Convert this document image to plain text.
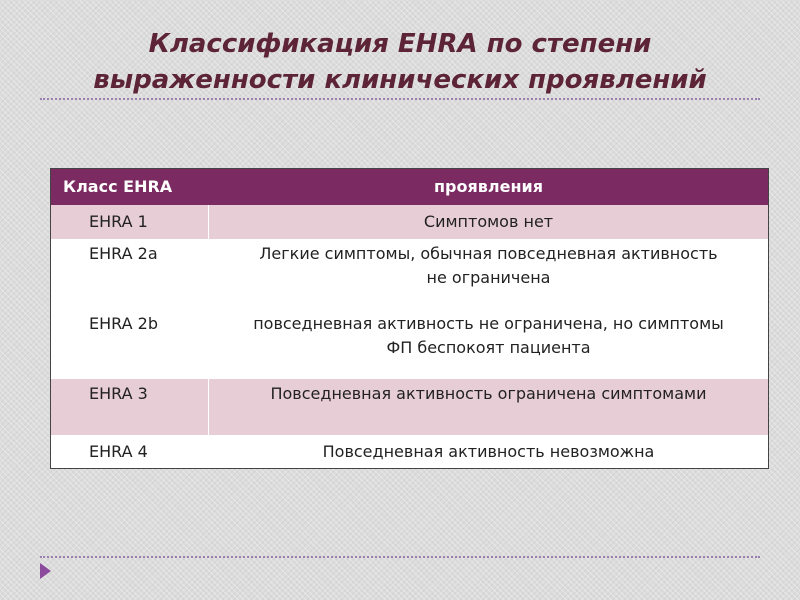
Классификация EHRA по степени выраженности клинических проявлений
Класс EHRA	проявления
EHRA 1	Симптомов нет
EHRA 2a	Легкие симптомы, обычная повседневная активность не ограничена
EHRA 2b	повседневная активность не ограничена, но симптомы ФП беспокоят пациента
EHRA 3	Повседневная активность ограничена симптомами
EHRA 4	Повседневная активность невозможна
